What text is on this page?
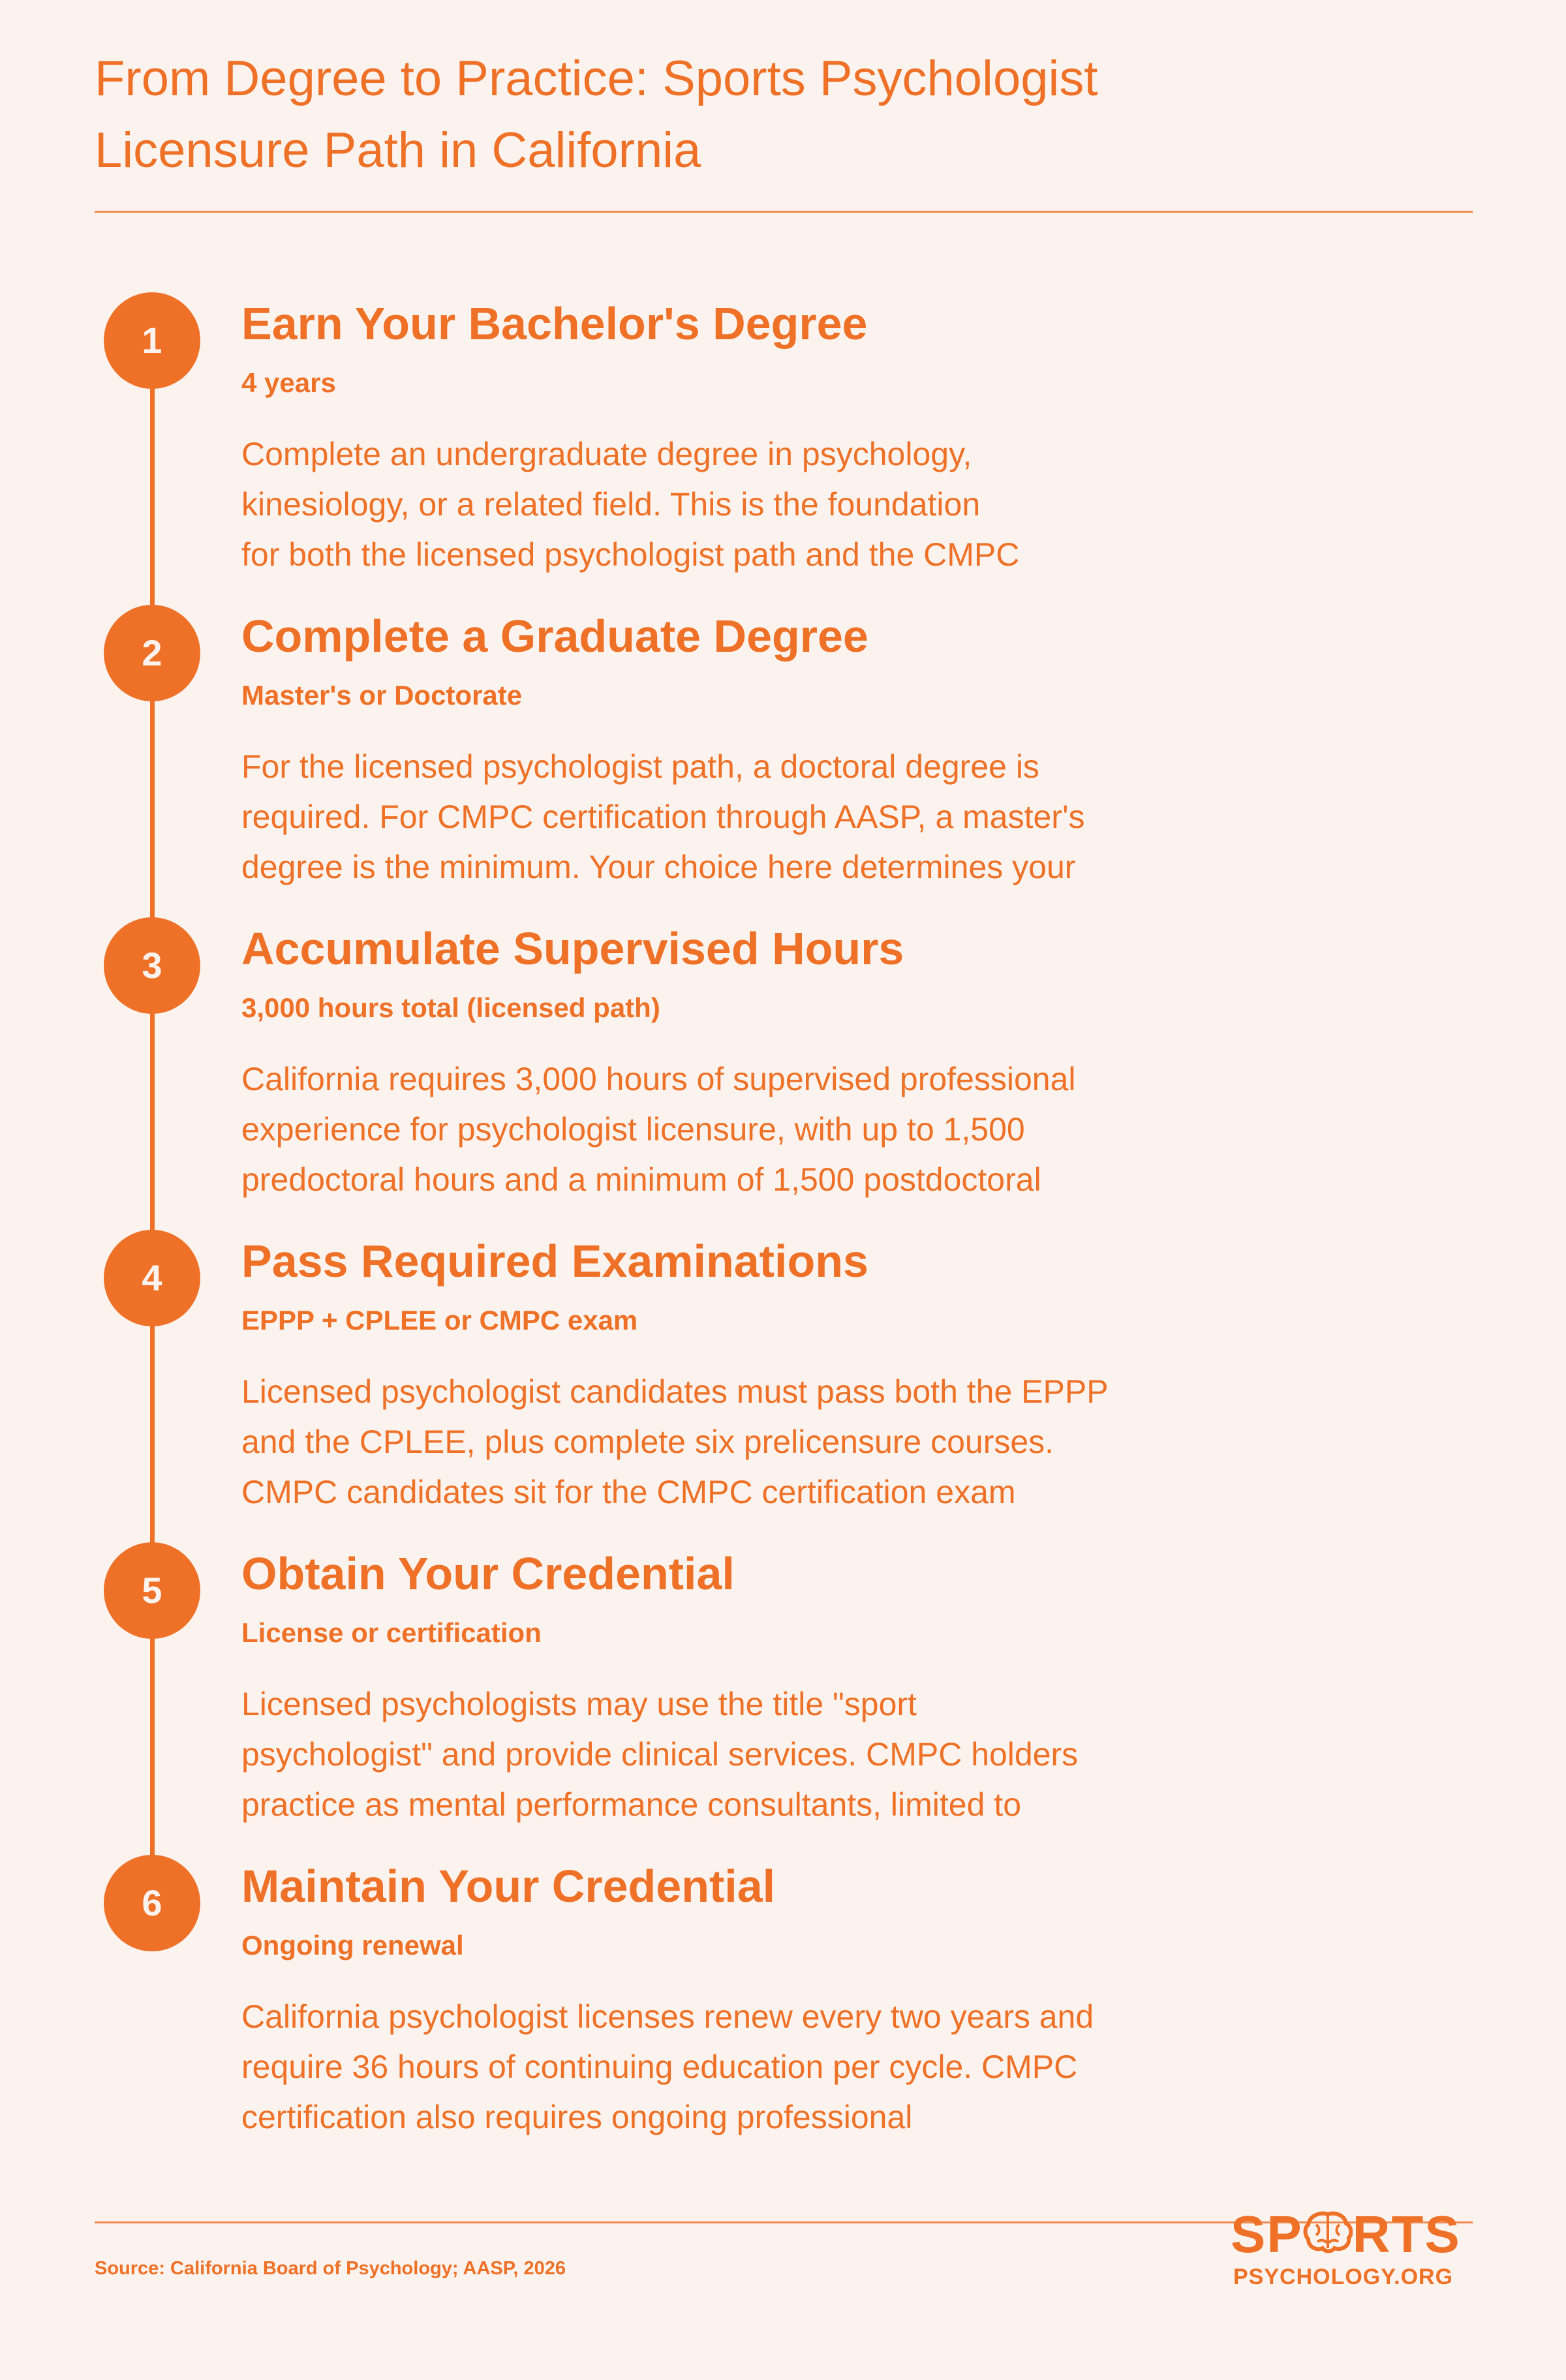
From Degree to Practice: Sports Psychologist
Licensure Path in California
1	Earn Your Bachelor's Degree
4 years
Complete an undergraduate degree in psychology,
kinesiology, or a related field. This is the foundation
for both the licensed psychologist path and the CMPC
2	Complete a Graduate Degree
Master's or Doctorate
For the licensed psychologist path, a doctoral degree is
required. For CMPC certification through AASP, a master's
degree is the minimum. Your choice here determines your
3	Accumulate Supervised Hours
3,000 hours total (licensed path)
California requires 3,000 hours of supervised professional
experience for psychologist licensure, with up to 1,500
predoctoral hours and a minimum of 1,500 postdoctoral
4	Pass Required Examinations
EPPP + CPLEE or CMPC exam
Licensed psychologist candidates must pass both the EPPP
and the CPLEE, plus complete six prelicensure courses.
CMPC candidates sit for the CMPC certification exam
5	Obtain Your Credential
License or certification
Licensed psychologists may use the title "sport
psychologist" and provide clinical services. CMPC holders
practice as mental performance consultants, limited to
6	Maintain Your Credential
Ongoing renewal
California psychologist licenses renew every two years and
require 36 hours of continuing education per cycle. CMPC
certification also requires ongoing professional
Source: California Board of Psychology; AASP, 2026
SP RTS
PSYCHOLOGY.ORG
